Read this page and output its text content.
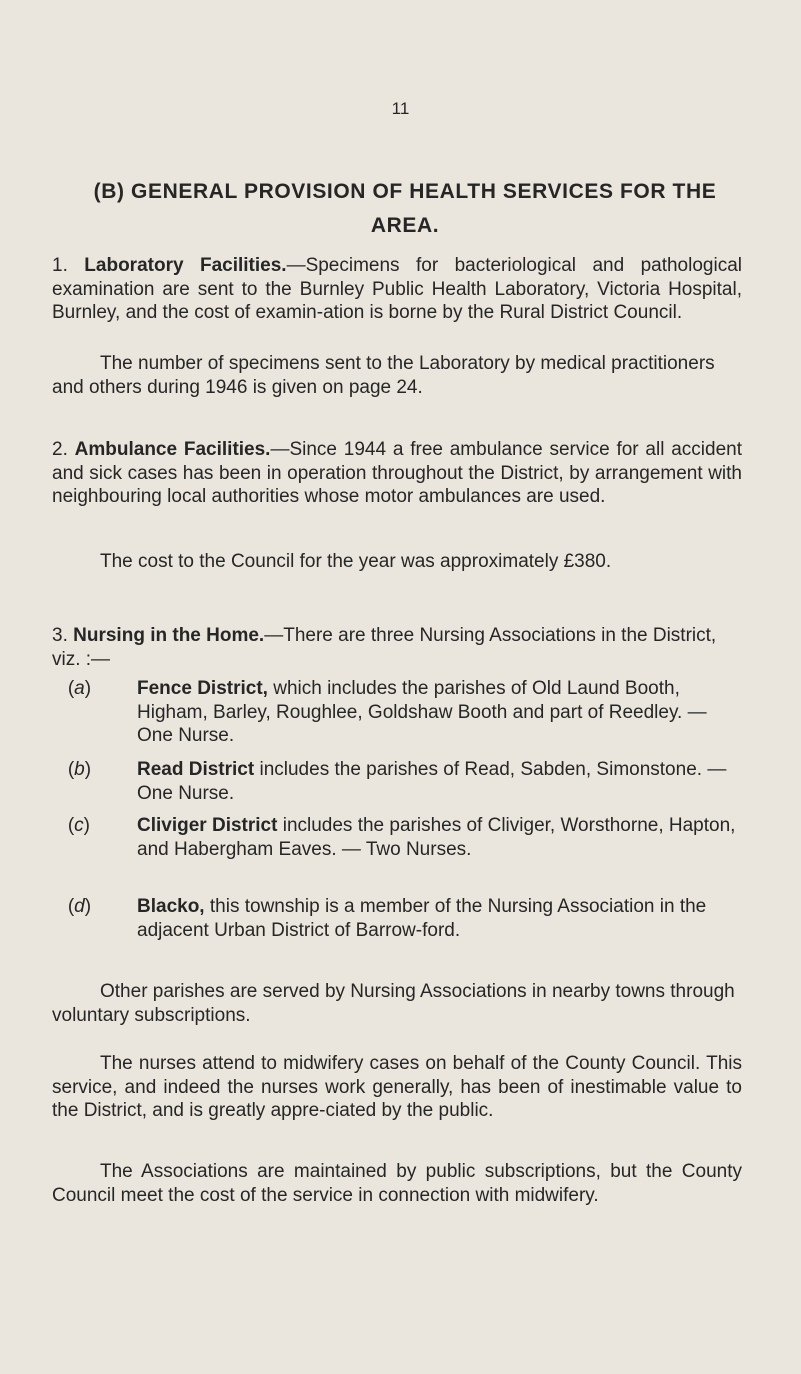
11
(B) GENERAL PROVISION OF HEALTH SERVICES FOR THE AREA.

1. Laboratory Facilities.—Specimens for bacteriological and pathological examination are sent to the Burnley Public Health Laboratory, Victoria Hospital, Burnley, and the cost of examin-ation is borne by the Rural District Council.

The number of specimens sent to the Laboratory by medical practitioners and others during 1946 is given on page 24.

2. Ambulance Facilities.—Since 1944 a free ambulance service for all accident and sick cases has been in operation throughout the District, by arrangement with neighbouring local authorities whose motor ambulances are used.

The cost to the Council for the year was approximately £380.

3. Nursing in the Home.—There are three Nursing Associations in the District, viz. :—

(a)	Fence District, which includes the parishes of Old Laund Booth, Higham, Barley, Roughlee, Goldshaw Booth and part of Reedley. — One Nurse.
(b)	Read District includes the parishes of Read, Sabden, Simonstone. — One Nurse.
(c)	Cliviger District includes the parishes of Cliviger, Worsthorne, Hapton, and Habergham Eaves. — Two Nurses.
(d)	Blacko, this township is a member of the Nursing Association in the adjacent Urban District of Barrow-ford.

Other parishes are served by Nursing Associations in nearby towns through voluntary subscriptions.

The nurses attend to midwifery cases on behalf of the County Council. This service, and indeed the nurses work generally, has been of inestimable value to the District, and is greatly appre-ciated by the public.

The Associations are maintained by public subscriptions, but the County Council meet the cost of the service in connection with midwifery.
